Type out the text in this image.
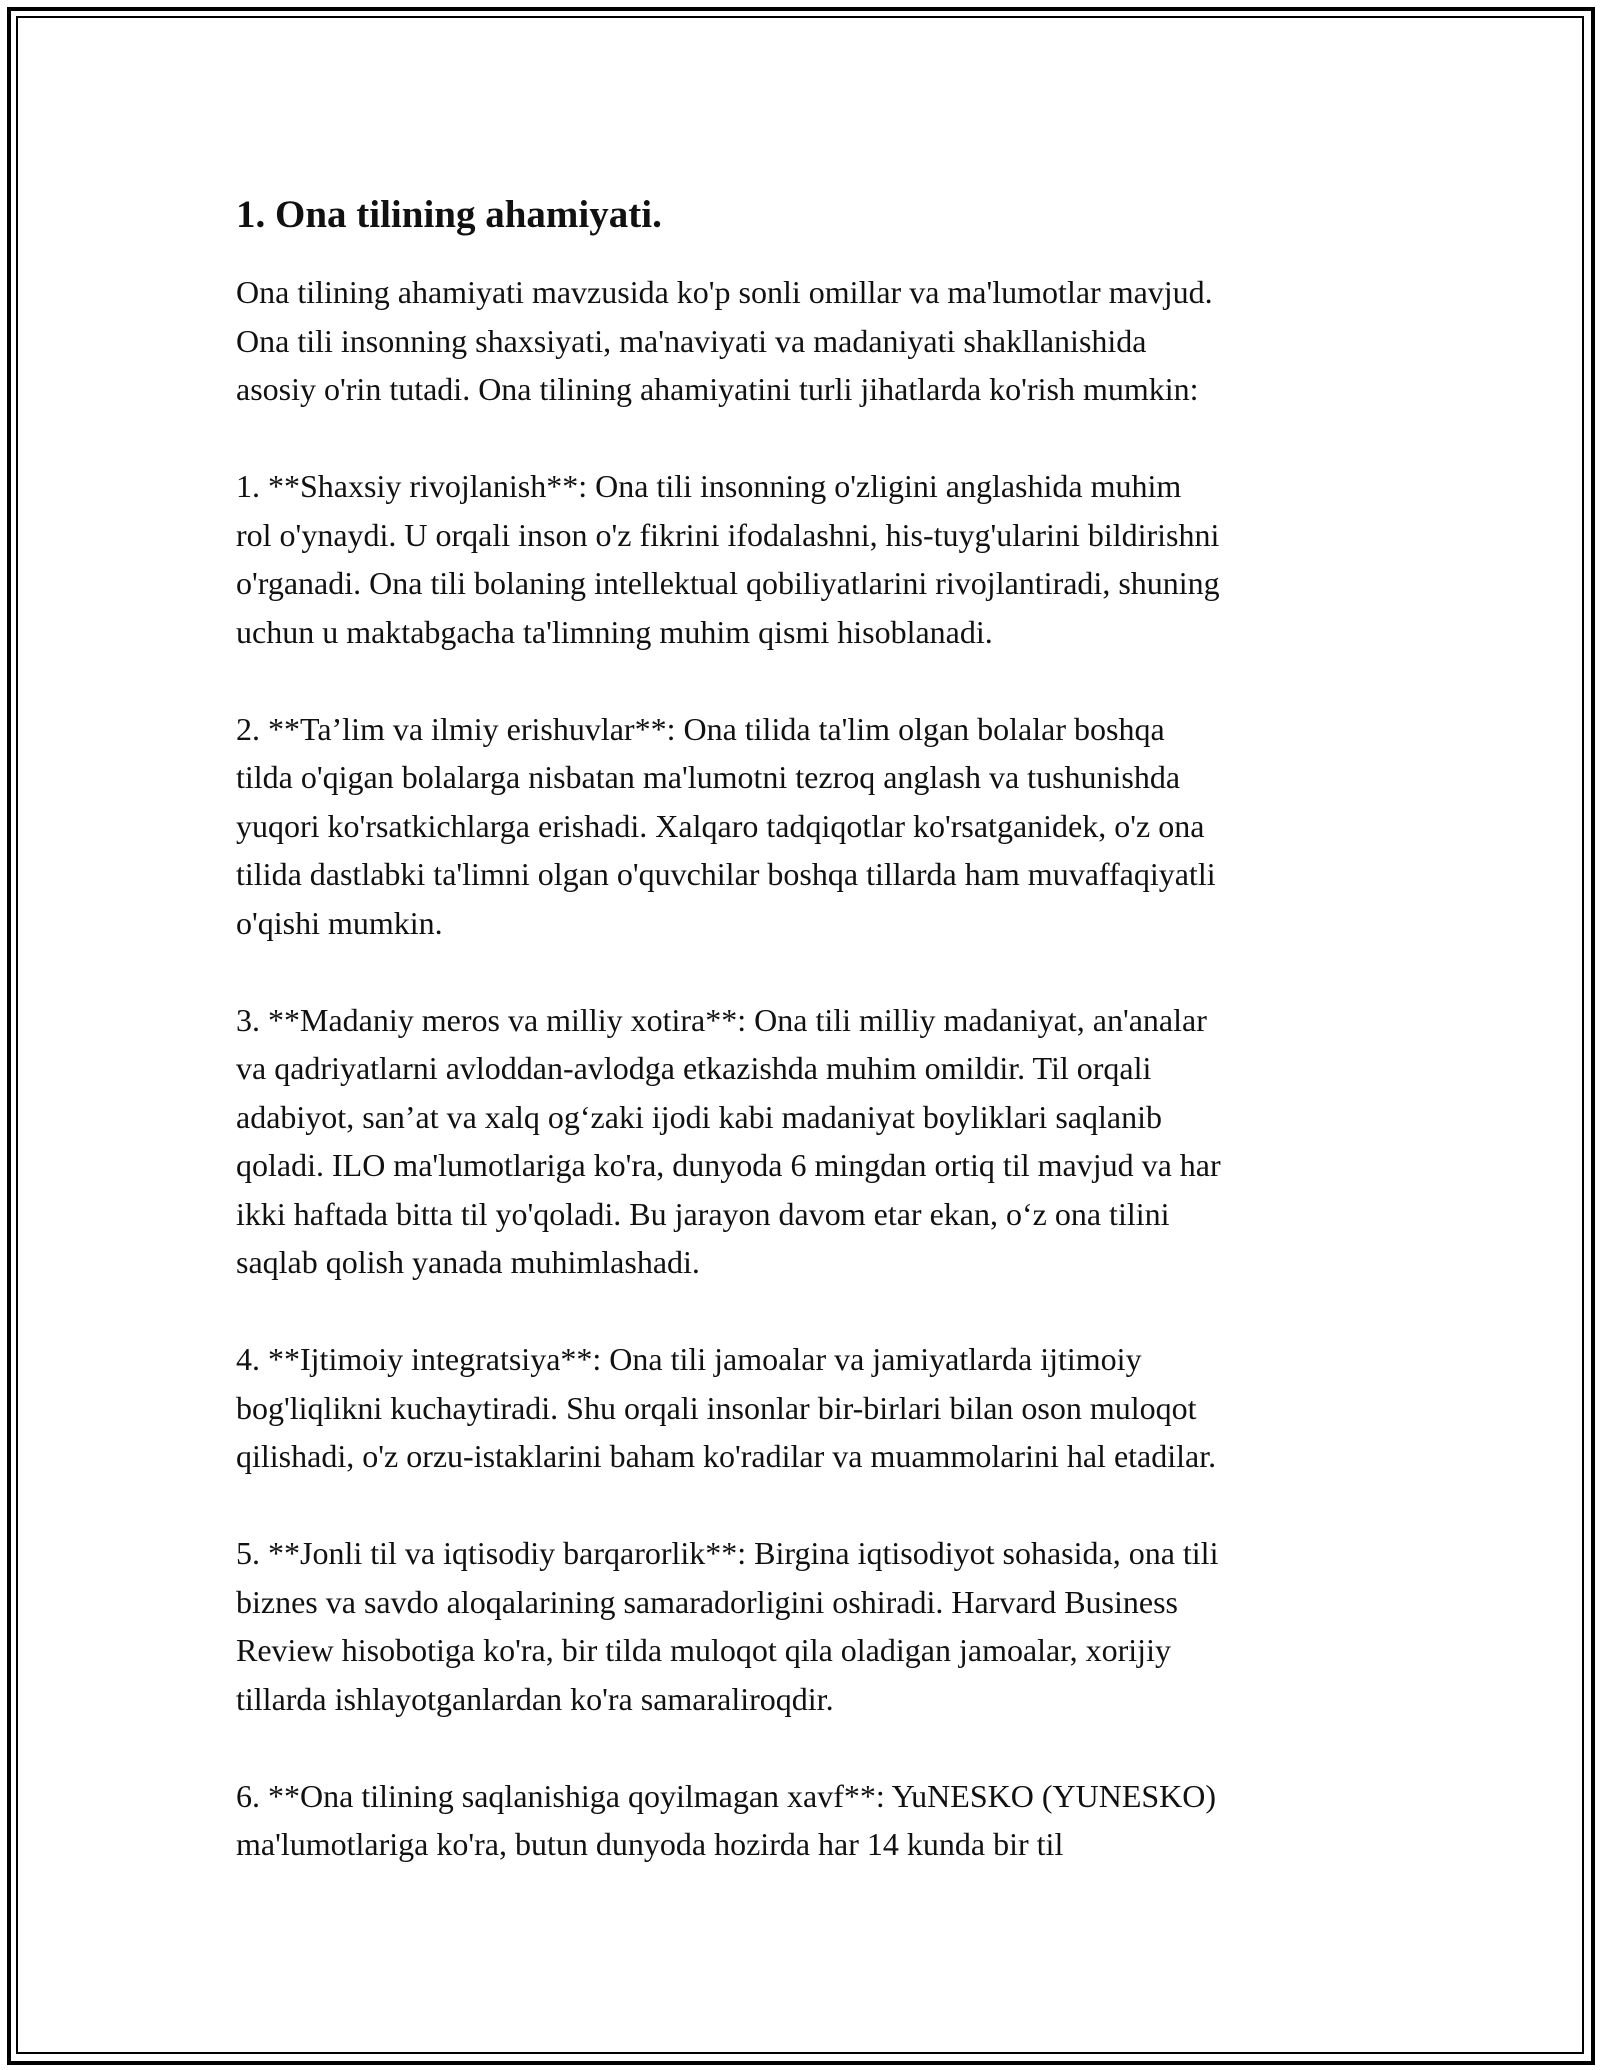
1. Ona tilining ahamiyati.

Ona tilining ahamiyati mavzusida ko'p sonli omillar va ma'lumotlar mavjud.
Ona tili insonning shaxsiyati, ma'naviyati va madaniyati shakllanishida
asosiy o'rin tutadi. Ona tilining ahamiyatini turli jihatlarda ko'rish mumkin:

1. **Shaxsiy rivojlanish**: Ona tili insonning o'zligini anglashida muhim
rol o'ynaydi. U orqali inson o'z fikrini ifodalashni, his-tuyg'ularini bildirishni
o'rganadi. Ona tili bolaning intellektual qobiliyatlarini rivojlantiradi, shuning
uchun u maktabgacha ta'limning muhim qismi hisoblanadi.

2. **Ta’lim va ilmiy erishuvlar**: Ona tilida ta'lim olgan bolalar boshqa
tilda o'qigan bolalarga nisbatan ma'lumotni tezroq anglash va tushunishda
yuqori ko'rsatkichlarga erishadi. Xalqaro tadqiqotlar ko'rsatganidek, o'z ona
tilida dastlabki ta'limni olgan o'quvchilar boshqa tillarda ham muvaffaqiyatli
o'qishi mumkin.

3. **Madaniy meros va milliy xotira**: Ona tili milliy madaniyat, an'analar
va qadriyatlarni avloddan-avlodga etkazishda muhim omildir. Til orqali
adabiyot, san’at va xalq og‘zaki ijodi kabi madaniyat boyliklari saqlanib
qoladi. ILO ma'lumotlariga ko'ra, dunyoda 6 mingdan ortiq til mavjud va har
ikki haftada bitta til yo'qoladi. Bu jarayon davom etar ekan, o‘z ona tilini
saqlab qolish yanada muhimlashadi.

4. **Ijtimoiy integratsiya**: Ona tili jamoalar va jamiyatlarda ijtimoiy
bog'liqlikni kuchaytiradi. Shu orqali insonlar bir-birlari bilan oson muloqot
qilishadi, o'z orzu-istaklarini baham ko'radilar va muammolarini hal etadilar.

5. **Jonli til va iqtisodiy barqarorlik**: Birgina iqtisodiyot sohasida, ona tili
biznes va savdo aloqalarining samaradorligini oshiradi. Harvard Business
Review hisobotiga ko'ra, bir tilda muloqot qila oladigan jamoalar, xorijiy
tillarda ishlayotganlardan ko'ra samaraliroqdir.

6. **Ona tilining saqlanishiga qoyilmagan xavf**: YuNESKO (YUNESKO)
ma'lumotlariga ko'ra, butun dunyoda hozirda har 14 kunda bir til
